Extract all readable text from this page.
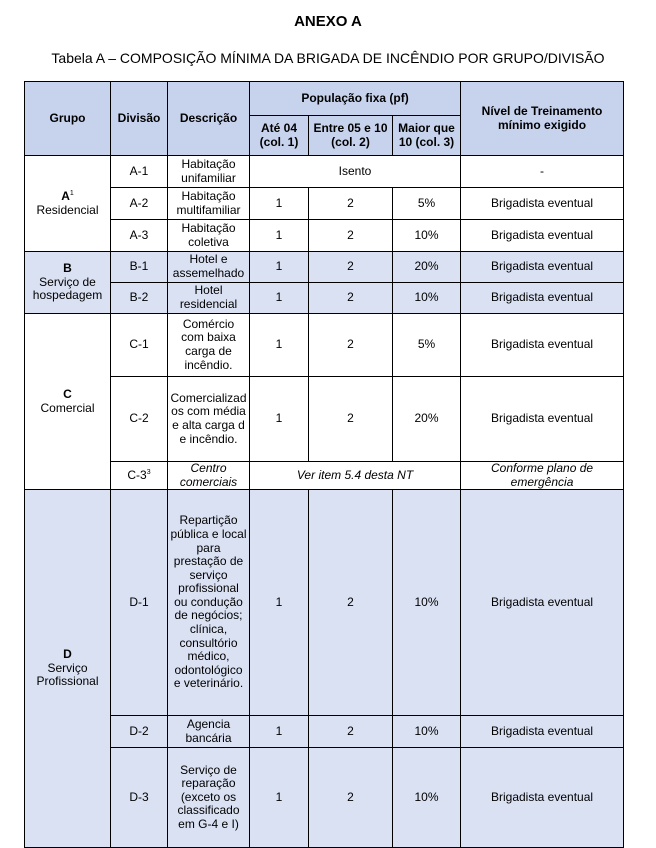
ANEXO A
Tabela A – COMPOSIÇÃO MÍNIMA DA BRIGADA DE INCÊNDIO POR GRUPO/DIVISÃO
Grupo	Divisão	Descrição	População fixa (pf)			Nível de Treinamento mínimo exigido
			Até 04 (col. 1)	Entre 05 e 10 (col. 2)	Maior que 10 (col. 3)	
$A^1$
Residencial	A-1	Habitação unifamiliar	Isento			-
	A-2	Habitação multifamiliar	1	2	5%	Brigadista eventual
	A-3	Habitação coletiva	1	2	10%	Brigadista eventual
B
Serviço de hospedagem	B-1	Hotel e assemelhado	1	2	20%	Brigadista eventual
	B-2	Hotel residencial	1	2	10%	Brigadista eventual
C
Comercial	C-1	Comércio com baixa carga de incêndio.	1	2	5%	Brigadista eventual
	C-2	Comercializados com média e alta carga de incêndio.	1	2	20%	Brigadista eventual
	$C-3^3$	Centro comerciais	Ver item 5.4 desta NT			Conforme plano de emergência
D
Serviço Profissional	D-1	Repartição pública e local para prestação de serviço profissional ou condução de negócios; clínica, consultório médico, odontológico e veterinário.	1	2	10%	Brigadista eventual
	D-2	Agencia bancária	1	2	10%	Brigadista eventual
	D-3	Serviço de reparação (exceto os classificado em G-4 e I)	1	2	10%	Brigadista eventual
